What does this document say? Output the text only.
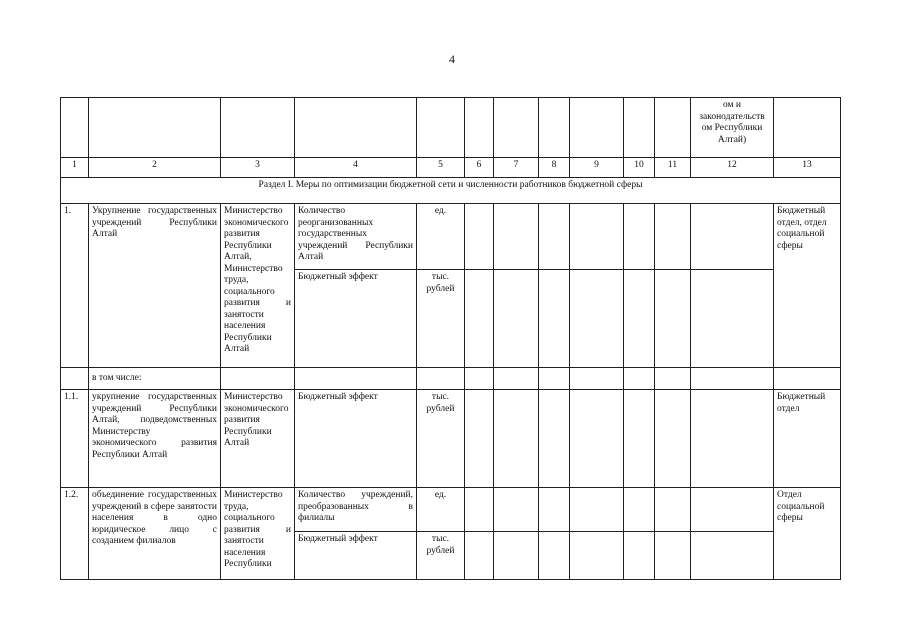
4
											ом и законодательств ом Республики Алтай)	
1	2	3	4	5	6	7	8	9	10	11	12	13
Раздел I. Меры по оптимизации бюджетной сети и численности работников бюджетной сферы												
1.	Укрупнение государственных учреждений Республики Алтай	Министерство экономического развития Республики Алтай, Министерство труда, социального развития и занятости населения Республики Алтай	Количество реорганизованных государственных учреждений Республики Алтай	ед.								Бюджетный отдел, отдел социальной сферы
			Бюджетный эффект	тыс. рублей								
	в том числе:											
1.1.	укрупнение государственных учреждений Республики Алтай, подведомственных Министерству экономического развития Республики Алтай	Министерство экономического развития Республики Алтай	Бюджетный эффект	тыс. рублей								Бюджетный отдел
1.2.	объединение государственных учреждений в сфере занятости населения в одно юридическое лицо с созданием филиалов	Министерство труда, социального развития и занятости населения Республики	Количество учреждений, преобразованных в филиалы	ед.								Отдел социальной сферы
			Бюджетный эффект	тыс. рублей								
